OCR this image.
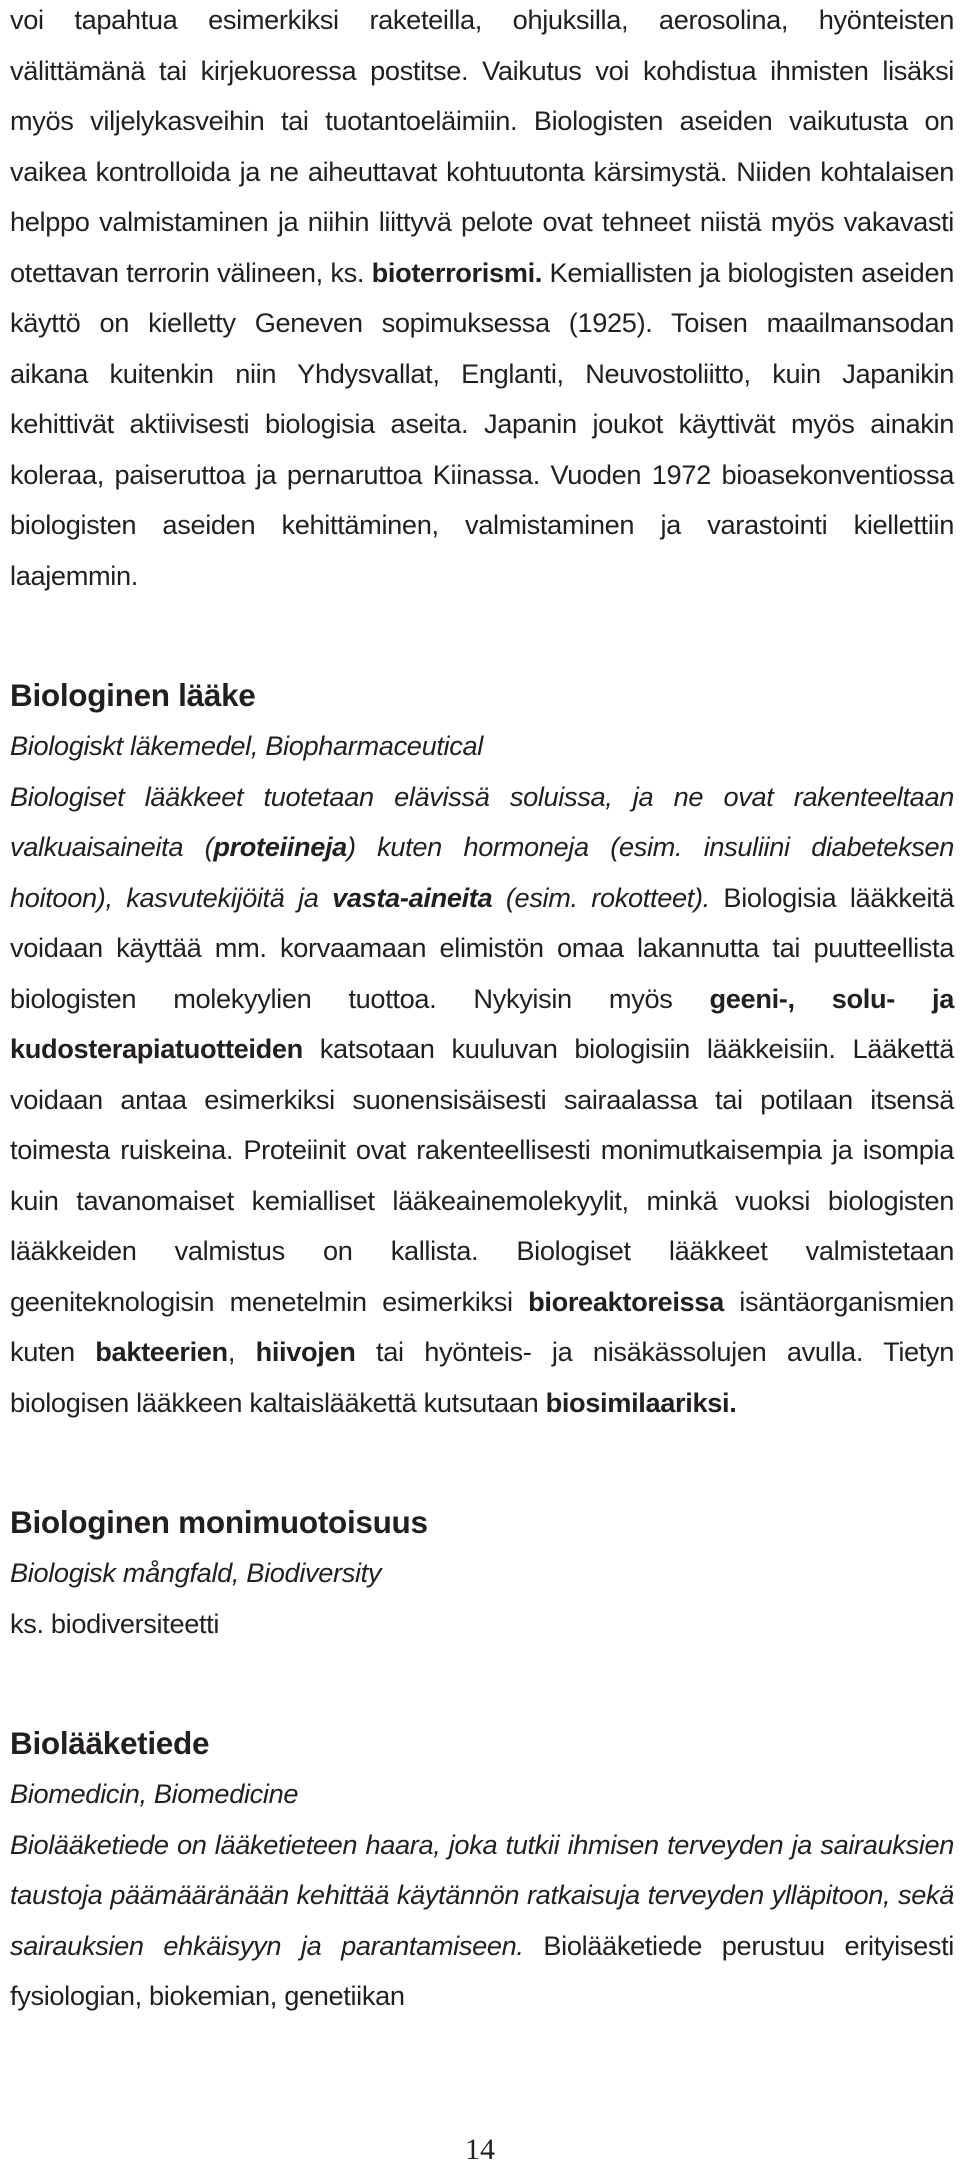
voi tapahtua esimerkiksi raketeilla, ohjuksilla, aerosolina, hyönteisten välittämänä tai kirjekuoressa postitse. Vaikutus voi kohdistua ihmisten lisäksi myös viljelykasveihin tai tuotantoeläimiin. Biologisten aseiden vaikutusta on vaikea kontrolloida ja ne aiheuttavat kohtuutonta kärsimystä. Niiden kohtalaisen helppo valmistaminen ja niihin liittyvä pelote ovat tehneet niistä myös vakavasti otettavan terrorin välineen, ks. bioterrorismi. Kemiallisten ja biologisten aseiden käyttö on kielletty Geneven sopimuksessa (1925). Toisen maailmansodan aikana kuitenkin niin Yhdysvallat, Englanti, Neuvostoliitto, kuin Japanikin kehittivät aktiivisesti biologisia aseita. Japanin joukot käyttivät myös ainakin koleraa, paiseruttoa ja pernaruttoa Kiinassa. Vuoden 1972 bioasekonventiossa biologisten aseiden kehittäminen, valmistaminen ja varastointi kiellettiin laajemmin.

Biologinen lääke

Biologiskt läkemedel, Biopharmaceutical

Biologiset lääkkeet tuotetaan elävissä soluissa, ja ne ovat rakenteeltaan valkuaisaineita (proteiineja) kuten hormoneja (esim. insuliini diabeteksen hoitoon), kasvutekijöitä ja vasta-aineita (esim. rokotteet). Biologisia lääkkeitä voidaan käyttää mm. korvaamaan elimistön omaa lakannutta tai puutteellista biologisten molekyylien tuottoa. Nykyisin myös geeni-, solu- ja kudosterapiatuotteiden katsotaan kuuluvan biologisiin lääkkeisiin. Lääkettä voidaan antaa esimerkiksi suonensisäisesti sairaalassa tai potilaan itsensä toimesta ruiskeina. Proteiinit ovat rakenteellisesti monimutkaisempia ja isompia kuin tavanomaiset kemialliset lääkeainemolekyylit, minkä vuoksi biologisten lääkkeiden valmistus on kallista. Biologiset lääkkeet valmistetaan geeniteknologisin menetelmin esimerkiksi bioreaktoreissa isäntäorganismien kuten bakteerien, hiivojen tai hyönteis- ja nisäkässolujen avulla. Tietyn biologisen lääkkeen kaltaislääkettä kutsutaan biosimilaariksi.

Biologinen monimuotoisuus

Biologisk mångfald, Biodiversity

ks. biodiversiteetti

Biolääketiede

Biomedicin, Biomedicine

Biolääketiede on lääketieteen haara, joka tutkii ihmisen terveyden ja sairauksien taustoja päämääränään kehittää käytännön ratkaisuja terveyden ylläpitoon, sekä sairauksien ehkäisyyn ja parantamiseen. Biolääketiede perustuu erityisesti fysiologian, biokemian, genetiikan

14
